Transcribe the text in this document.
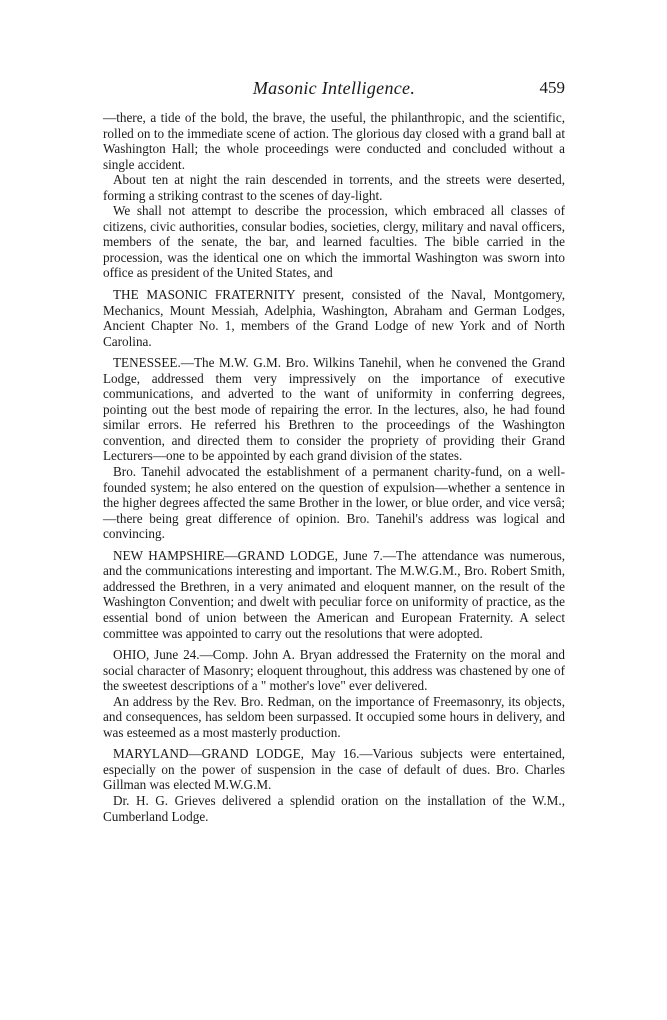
Masonic Intelligence.	459

—there, a tide of the bold, the brave, the useful, the philanthropic, and the scientific, rolled on to the immediate scene of action. The glorious day closed with a grand ball at Washington Hall; the whole proceedings were conducted and concluded without a single accident.

About ten at night the rain descended in torrents, and the streets were deserted, forming a striking contrast to the scenes of day-light.

We shall not attempt to describe the procession, which embraced all classes of citizens, civic authorities, consular bodies, societies, clergy, military and naval officers, members of the senate, the bar, and learned faculties. The bible carried in the procession, was the identical one on which the immortal Washington was sworn into office as president of the United States, and

THE MASONIC FRATERNITY present, consisted of the Naval, Montgomery, Mechanics, Mount Messiah, Adelphia, Washington, Abraham and German Lodges, Ancient Chapter No. 1, members of the Grand Lodge of new York and of North Carolina.

TENESSEE.—The M.W. G.M. Bro. Wilkins Tanehil, when he convened the Grand Lodge, addressed them very impressively on the importance of executive communications, and adverted to the want of uniformity in conferring degrees, pointing out the best mode of repairing the error. In the lectures, also, he had found similar errors. He referred his Brethren to the proceedings of the Washington convention, and directed them to consider the propriety of providing their Grand Lecturers—one to be appointed by each grand division of the states.

Bro. Tanehil advocated the establishment of a permanent charity-fund, on a well-founded system; he also entered on the question of expulsion—whether a sentence in the higher degrees affected the same Brother in the lower, or blue order, and vice versâ;—there being great difference of opinion. Bro. Tanehil's address was logical and convincing.

NEW HAMPSHIRE—GRAND LODGE, June 7.—The attendance was numerous, and the communications interesting and important. The M.W.G.M., Bro. Robert Smith, addressed the Brethren, in a very animated and eloquent manner, on the result of the Washington Convention; and dwelt with peculiar force on uniformity of practice, as the essential bond of union between the American and European Fraternity. A select committee was appointed to carry out the resolutions that were adopted.

OHIO, June 24.—Comp. John A. Bryan addressed the Fraternity on the moral and social character of Masonry; eloquent throughout, this address was chastened by one of the sweetest descriptions of a " mother's love" ever delivered.

An address by the Rev. Bro. Redman, on the importance of Freemasonry, its objects, and consequences, has seldom been surpassed. It occupied some hours in delivery, and was esteemed as a most masterly production.

MARYLAND—GRAND LODGE, May 16.—Various subjects were entertained, especially on the power of suspension in the case of default of dues. Bro. Charles Gillman was elected M.W.G.M.

Dr. H. G. Grieves delivered a splendid oration on the installation of the W.M., Cumberland Lodge.
